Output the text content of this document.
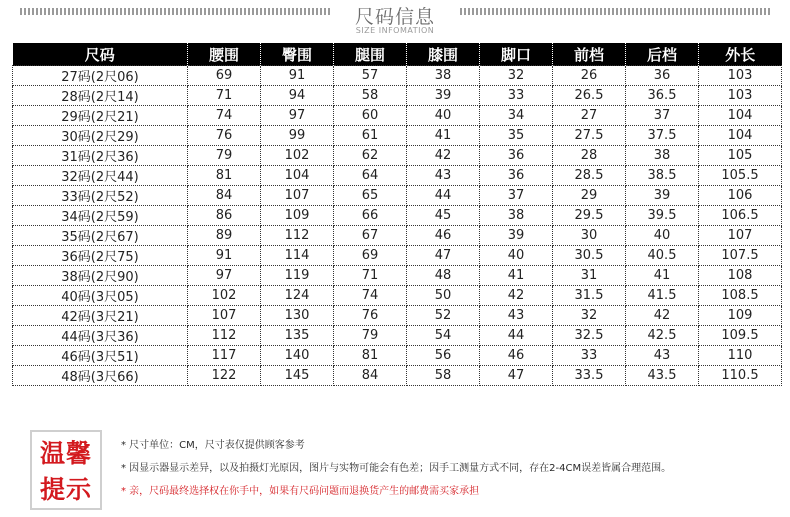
尺码信息
SIZE INFOMATION
尺码	腰围	臀围	腿围	膝围	脚口	前档	后档	外长
27码(2尺06)	69	91	57	38	32	26	36	103
28码(2尺14)	71	94	58	39	33	26.5	36.5	103
29码(2尺21)	74	97	60	40	34	27	37	104
30码(2尺29)	76	99	61	41	35	27.5	37.5	104
31码(2尺36)	79	102	62	42	36	28	38	105
32码(2尺44)	81	104	64	43	36	28.5	38.5	105.5
33码(2尺52)	84	107	65	44	37	29	39	106
34码(2尺59)	86	109	66	45	38	29.5	39.5	106.5
35码(2尺67)	89	112	67	46	39	30	40	107
36码(2尺75)	91	114	69	47	40	30.5	40.5	107.5
38码(2尺90)	97	119	71	48	41	31	41	108
40码(3尺05)	102	124	74	50	42	31.5	41.5	108.5
42码(3尺21)	107	130	76	52	43	32	42	109
44码(3尺36)	112	135	79	54	44	32.5	42.5	109.5
46码(3尺51)	117	140	81	56	46	33	43	110
48码(3尺66)	122	145	84	58	47	33.5	43.5	110.5
温馨
提示
* 尺寸单位：CM，尺寸表仅提供顾客参考
* 因显示器显示差异，以及拍摄灯光原因，图片与实物可能会有色差；因手工测量方式不同，存在2-4CM误差皆属合理范围。
* 亲，尺码最终选择权在你手中，如果有尺码问题而退换货产生的邮费需买家承担
